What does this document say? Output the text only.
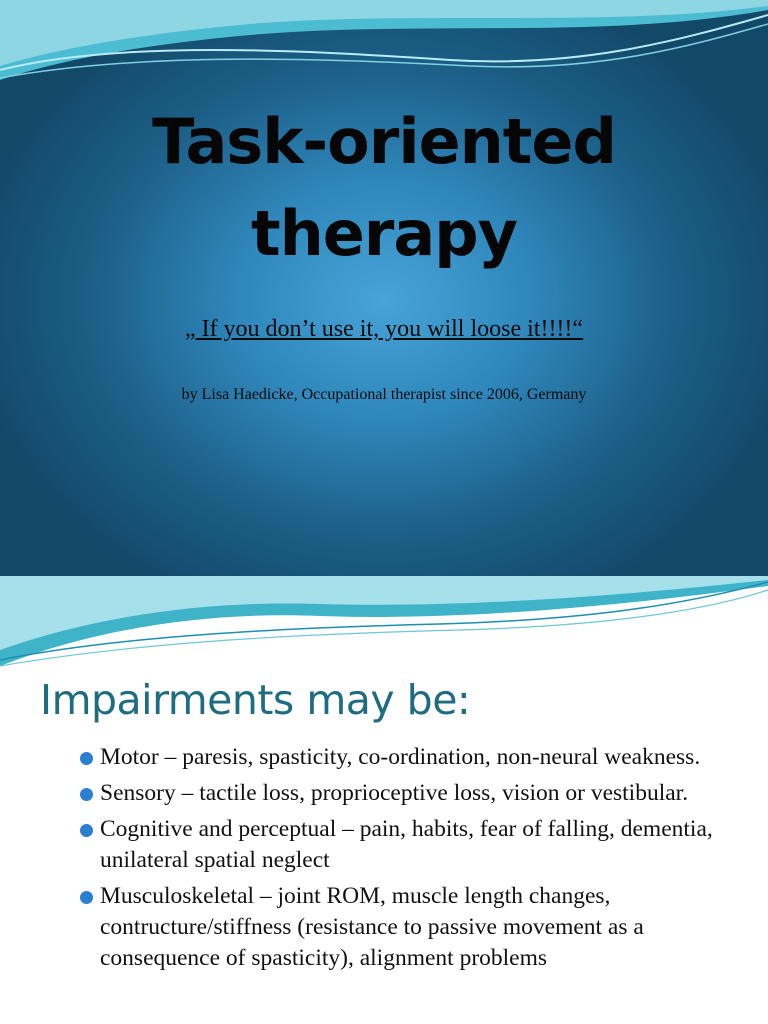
Task-oriented
therapy
„ If you don’t use it, you will loose it!!!!“
by Lisa Haedicke, Occupational therapist since 2006, Germany
Impairments may be:
Motor – paresis, spasticity, co-ordination, non-neural weakness.
Sensory – tactile loss, proprioceptive loss, vision or vestibular.
Cognitive and perceptual – pain, habits, fear of falling, dementia, unilateral spatial neglect
Musculoskeletal – joint ROM, muscle length changes, contructure/stiffness (resistance to passive movement as a consequence of spasticity), alignment problems
